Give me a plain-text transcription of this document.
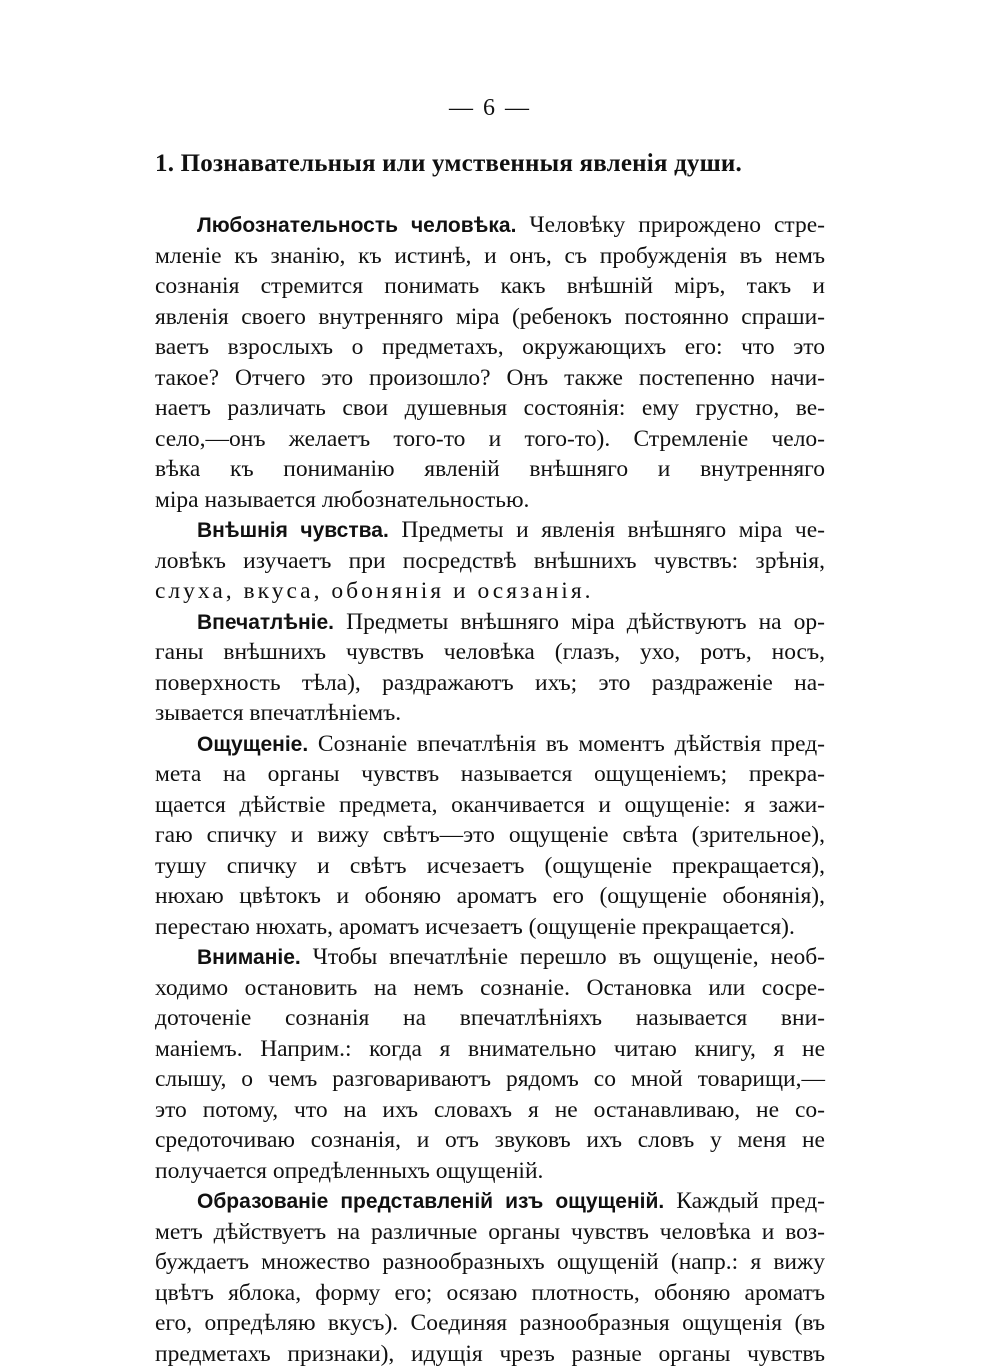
— 6 —
1. Познавательныя или умственныя явленія души.
Любознательность человѣка. Человѣку прирождено стре-
мленіе къ знанію, къ истинѣ, и онъ, съ пробужденія въ немъ
сознанія стремится понимать какъ внѣшній міръ, такъ и
явленія своего внутренняго міра (ребенокъ постоянно спраши-
ваетъ взрослыхъ о предметахъ, окружающихъ его: что это
такое? Отчего это произошло? Онъ также постепенно начи-
наетъ различать свои душевныя состоянія: ему грустно, ве-
село,—онъ желаетъ того-то и того-то). Стремленіе чело-
вѣка къ пониманію явленій внѣшняго и внутренняго
міра называется любознательностью.
Внѣшнія чувства. Предметы и явленія внѣшняго міра че-
ловѣкъ изучаетъ при посредствѣ внѣшнихъ чувствъ: зрѣнія,
слуха, вкуса, обонянія и осязанія.
Впечатлѣніе. Предметы внѣшняго міра дѣйствуютъ на ор-
ганы внѣшнихъ чувствъ человѣка (глазъ, ухо, ротъ, носъ,
поверхность тѣла), раздражаютъ ихъ; это раздраженіе на-
зывается впечатлѣніемъ.
Ощущеніе. Сознаніе впечатлѣнія въ моментъ дѣйствія пред-
мета на органы чувствъ называется ощущеніемъ; прекра-
щается дѣйствіе предмета, оканчивается и ощущеніе: я зажи-
гаю спичку и вижу свѣтъ—это ощущеніе свѣта (зрительное),
тушу спичку и свѣтъ исчезаетъ (ощущеніе прекращается),
нюхаю цвѣтокъ и обоняю ароматъ его (ощущеніе обонянія),
перестаю нюхать, ароматъ исчезаетъ (ощущеніе прекращается).
Вниманіе. Чтобы впечатлѣніе перешло въ ощущеніе, необ-
ходимо остановить на немъ сознаніе. Остановка или сосре-
доточеніе сознанія на впечатлѣніяхъ называется вни-
маніемъ. Наприм.: когда я внимательно читаю книгу, я не
слышу, о чемъ разговариваютъ рядомъ со мной товарищи,—
это потому, что на ихъ словахъ я не останавливаю, не со-
средоточиваю сознанія, и отъ звуковъ ихъ словъ у меня не
получается опредѣленныхъ ощущеній.
Образованіе представленій изъ ощущеній. Каждый пред-
метъ дѣйствуетъ на различные органы чувствъ человѣка и воз-
буждаетъ множество разнообразныхъ ощущеній (напр.: я вижу
цвѣтъ яблока, форму его; осязаю плотность, обоняю ароматъ
его, опредѣляю вкусъ). Соединяя разнообразныя ощущенія (въ
предметахъ признаки), идущія чрезъ разные органы чувствъ
